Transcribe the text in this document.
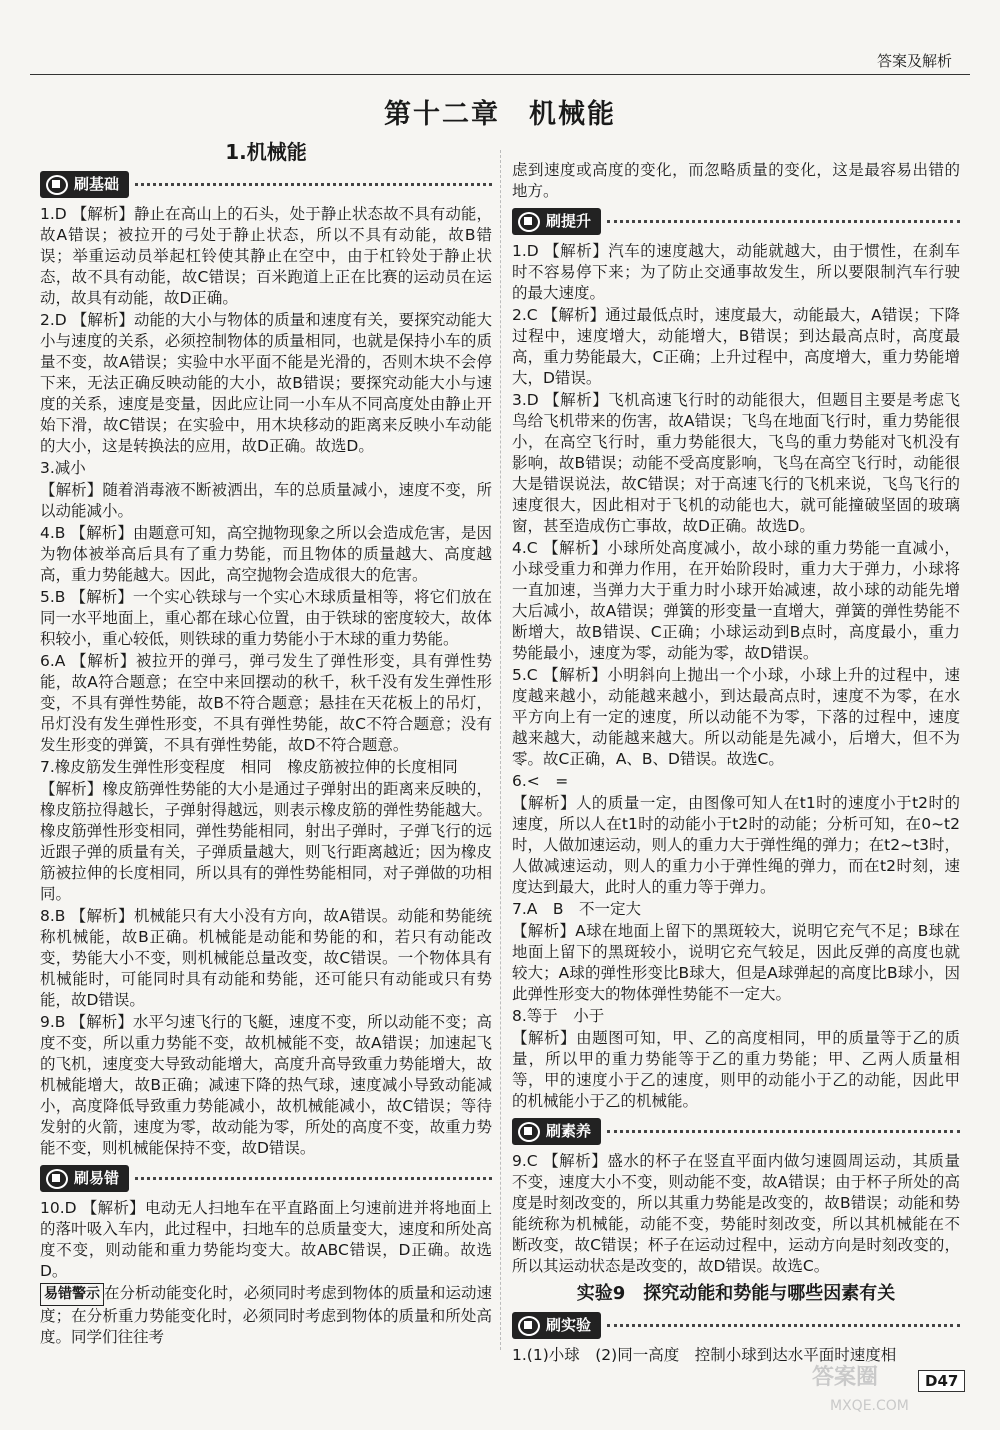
答案及解析
第十二章　机械能
1.机械能
刷基础
1.D 【解析】静止在高山上的石头，处于静止状态故不具有动能，故A错误；被拉开的弓处于静止状态，所以不具有动能，故B错误；举重运动员举起杠铃使其静止在空中，由于杠铃处于静止状态，故不具有动能，故C错误；百米跑道上正在比赛的运动员在运动，故具有动能，故D正确。
2.D 【解析】动能的大小与物体的质量和速度有关，要探究动能大小与速度的关系，必须控制物体的质量相同，也就是保持小车的质量不变，故A错误；实验中水平面不能是光滑的，否则木块不会停下来，无法正确反映动能的大小，故B错误；要探究动能大小与速度的关系，速度是变量，因此应让同一小车从不同高度处由静止开始下滑，故C错误；在实验中，用木块移动的距离来反映小车动能的大小，这是转换法的应用，故D正确。故选D。
3.减小
【解析】随着消毒液不断被洒出，车的总质量减小，速度不变，所以动能减小。
4.B 【解析】由题意可知，高空抛物现象之所以会造成危害，是因为物体被举高后具有了重力势能，而且物体的质量越大、高度越高，重力势能越大。因此，高空抛物会造成很大的危害。
5.B 【解析】一个实心铁球与一个实心木球质量相等，将它们放在同一水平地面上，重心都在球心位置，由于铁球的密度较大，故体积较小，重心较低，则铁球的重力势能小于木球的重力势能。
6.A 【解析】被拉开的弹弓，弹弓发生了弹性形变，具有弹性势能，故A符合题意；在空中来回摆动的秋千，秋千没有发生弹性形变，不具有弹性势能，故B不符合题意；悬挂在天花板上的吊灯，吊灯没有发生弹性形变，不具有弹性势能，故C不符合题意；没有发生形变的弹簧，不具有弹性势能，故D不符合题意。
7.橡皮筋发生弹性形变程度　相同　橡皮筋被拉伸的长度相同
【解析】橡皮筋弹性势能的大小是通过子弹射出的距离来反映的，橡皮筋拉得越长，子弹射得越远，则表示橡皮筋的弹性势能越大。橡皮筋弹性形变相同，弹性势能相同，射出子弹时，子弹飞行的远近跟子弹的质量有关，子弹质量越大，则飞行距离越近；因为橡皮筋被拉伸的长度相同，所以具有的弹性势能相同，对子弹做的功相同。
8.B 【解析】机械能只有大小没有方向，故A错误。动能和势能统称机械能，故B正确。机械能是动能和势能的和，若只有动能改变，势能大小不变，则机械能总量改变，故C错误。一个物体具有机械能时，可能同时具有动能和势能，还可能只有动能或只有势能，故D错误。
9.B 【解析】水平匀速飞行的飞艇，速度不变，所以动能不变；高度不变，所以重力势能不变，故机械能不变，故A错误；加速起飞的飞机，速度变大导致动能增大，高度升高导致重力势能增大，故机械能增大，故B正确；减速下降的热气球，速度减小导致动能减小，高度降低导致重力势能减小，故机械能减小，故C错误；等待发射的火箭，速度为零，故动能为零，所处的高度不变，故重力势能不变，则机械能保持不变，故D错误。
刷易错
10.D 【解析】电动无人扫地车在平直路面上匀速前进并将地面上的落叶吸入车内，此过程中，扫地车的总质量变大，速度和所处高度不变，则动能和重力势能均变大。故ABC错误，D正确。故选D。
易错警示 在分析动能变化时，必须同时考虑到物体的质量和运动速度；在分析重力势能变化时，必须同时考虑到物体的质量和所处高度。同学们往往考
虑到速度或高度的变化，而忽略质量的变化，这是最容易出错的地方。
刷提升
1.D 【解析】汽车的速度越大，动能就越大，由于惯性，在刹车时不容易停下来；为了防止交通事故发生，所以要限制汽车行驶的最大速度。
2.C 【解析】通过最低点时，速度最大，动能最大，A错误；下降过程中，速度增大，动能增大，B错误；到达最高点时，高度最高，重力势能最大，C正确；上升过程中，高度增大，重力势能增大，D错误。
3.D 【解析】飞机高速飞行时的动能很大，但题目主要是考虑飞鸟给飞机带来的伤害，故A错误；飞鸟在地面飞行时，重力势能很小，在高空飞行时，重力势能很大，飞鸟的重力势能对飞机没有影响，故B错误；动能不受高度影响，飞鸟在高空飞行时，动能很大是错误说法，故C错误；对于高速飞行的飞机来说，飞鸟飞行的速度很大，因此相对于飞机的动能也大，就可能撞破坚固的玻璃窗，甚至造成伤亡事故，故D正确。故选D。
4.C 【解析】小球所处高度减小，故小球的重力势能一直减小，小球受重力和弹力作用，在开始阶段时，重力大于弹力，小球将一直加速，当弹力大于重力时小球开始减速，故小球的动能先增大后减小，故A错误；弹簧的形变量一直增大，弹簧的弹性势能不断增大，故B错误、C正确；小球运动到B点时，高度最小，重力势能最小，速度为零，动能为零，故D错误。
5.C 【解析】小明斜向上抛出一个小球，小球上升的过程中，速度越来越小，动能越来越小，到达最高点时，速度不为零，在水平方向上有一定的速度，所以动能不为零，下落的过程中，速度越来越大，动能越来越大。所以动能是先减小，后增大，但不为零。故C正确，A、B、D错误。故选C。
6.<　=
【解析】人的质量一定，由图像可知人在t1时的速度小于t2时的速度，所以人在t1时的动能小于t2时的动能；分析可知，在0~t2时，人做加速运动，则人的重力大于弹性绳的弹力；在t2~t3时，人做减速运动，则人的重力小于弹性绳的弹力，而在t2时刻，速度达到最大，此时人的重力等于弹力。
7.A　B　不一定大
【解析】A球在地面上留下的黑斑较大，说明它充气不足；B球在地面上留下的黑斑较小，说明它充气较足，因此反弹的高度也就较大；A球的弹性形变比B球大，但是A球弹起的高度比B球小，因此弹性形变大的物体弹性势能不一定大。
8.等于　小于
【解析】由题图可知，甲、乙的高度相同，甲的质量等于乙的质量，所以甲的重力势能等于乙的重力势能；甲、乙两人质量相等，甲的速度小于乙的速度，则甲的动能小于乙的动能，因此甲的机械能小于乙的机械能。
刷素养
9.C 【解析】盛水的杯子在竖直平面内做匀速圆周运动，其质量不变，速度大小不变，则动能不变，故A错误；由于杯子所处的高度是时刻改变的，所以其重力势能是改变的，故B错误；动能和势能统称为机械能，动能不变，势能时刻改变，所以其机械能在不断改变，故C错误；杯子在运动过程中，运动方向是时刻改变的，所以其运动状态是改变的，故D错误。故选C。
实验9　探究动能和势能与哪些因素有关
刷实验
1.(1)小球　(2)同一高度　控制小球到达水平面时速度相
答案圈
MXQE.COM
D47
